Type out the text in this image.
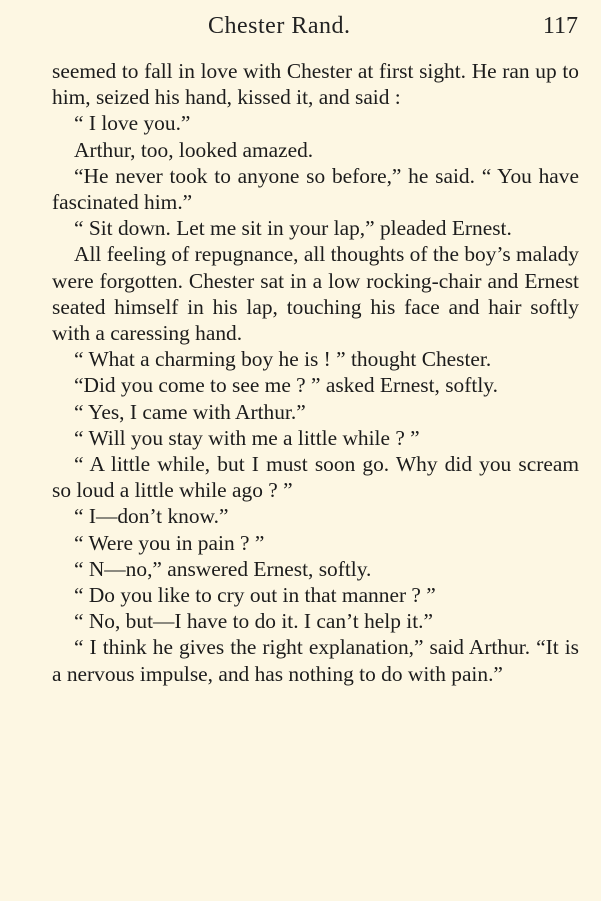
Chester Rand.	117

seemed to fall in love with Chester at first sight. He ran up to him, seized his hand, kissed it, and said :

“ I love you.”

Arthur, too, looked amazed.

“He never took to anyone so before,” he said. “ You have fascinated him.”

“ Sit down. Let me sit in your lap,” pleaded Ernest.

All feeling of repugnance, all thoughts of the boy’s malady were forgotten. Chester sat in a low rocking-chair and Ernest seated himself in his lap, touching his face and hair softly with a caressing hand.

“ What a charming boy he is ! ” thought Chester.

“Did you come to see me ? ” asked Ernest, softly.

“ Yes, I came with Arthur.”

“ Will you stay with me a little while ? ”

“ A little while, but I must soon go. Why did you scream so loud a little while ago ? ”

“ I—don’t know.”

“ Were you in pain ? ”

“ N—no,” answered Ernest, softly.

“ Do you like to cry out in that manner ? ”

“ No, but—I have to do it. I can’t help it.”

“ I think he gives the right explanation,” said Arthur. “It is a nervous impulse, and has nothing to do with pain.”
